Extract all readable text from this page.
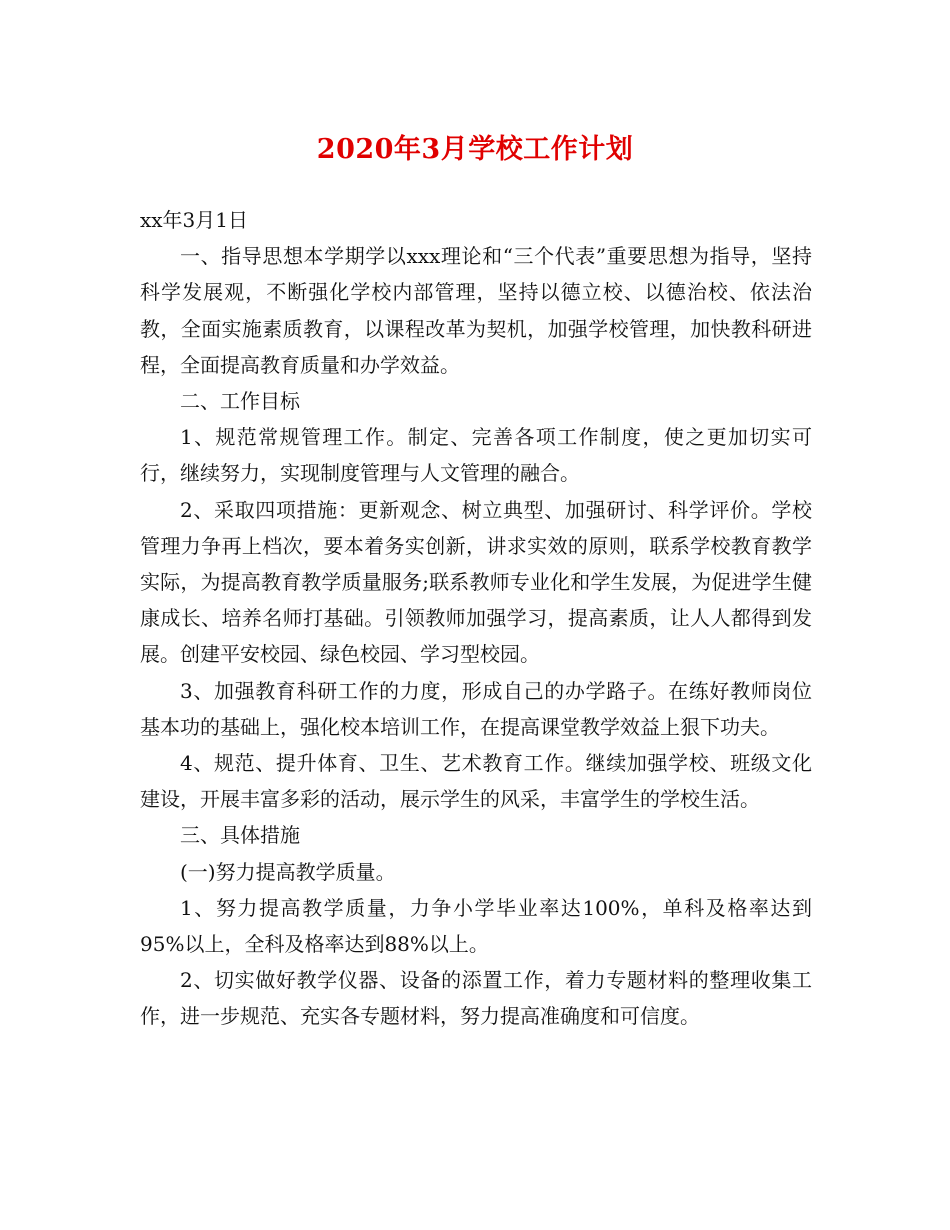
2020年3月学校工作计划

xx年3月1日

一、指导思想本学期学以xxx理论和“三个代表”重要思想为指导，坚持科学发展观，不断强化学校内部管理，坚持以德立校、以德治校、依法治教，全面实施素质教育，以课程改革为契机，加强学校管理，加快教科研进程，全面提高教育质量和办学效益。

二、工作目标

1、规范常规管理工作。制定、完善各项工作制度，使之更加切实可行，继续努力，实现制度管理与人文管理的融合。

2、采取四项措施：更新观念、树立典型、加强研讨、科学评价。学校管理力争再上档次，要本着务实创新，讲求实效的原则，联系学校教育教学实际，为提高教育教学质量服务;联系教师专业化和学生发展，为促进学生健康成长、培养名师打基础。引领教师加强学习，提高素质，让人人都得到发展。创建平安校园、绿色校园、学习型校园。

3、加强教育科研工作的力度，形成自己的办学路子。在练好教师岗位基本功的基础上，强化校本培训工作，在提高课堂教学效益上狠下功夫。

4、规范、提升体育、卫生、艺术教育工作。继续加强学校、班级文化建设，开展丰富多彩的活动，展示学生的风采，丰富学生的学校生活。

三、具体措施

(一)努力提高教学质量。

1、努力提高教学质量，力争小学毕业率达100%，单科及格率达到95%以上，全科及格率达到88%以上。

2、切实做好教学仪器、设备的添置工作，着力专题材料的整理收集工作，进一步规范、充实各专题材料，努力提高准确度和可信度。
